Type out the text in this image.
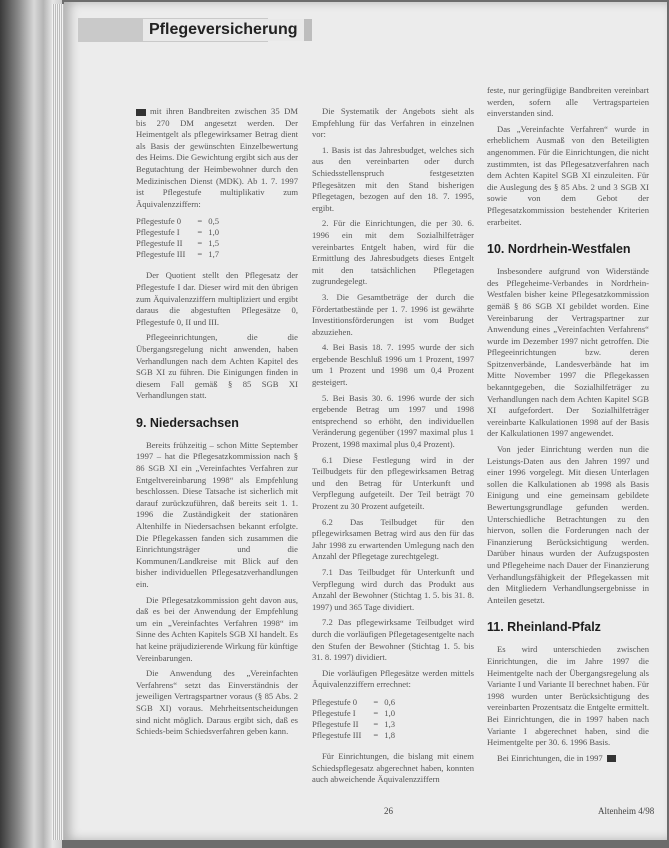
Pflegeversicherung

mit ihren Bandbreiten zwischen 35 DM bis 270 DM angesetzt werden. Der Heimentgelt als pflegewirksamer Betrag dient als Basis der gewünschten Einzelbewertung des Heims. Die Gewichtung ergibt sich aus der Begutachtung der Heimbewohner durch den Medizinischen Dienst (MDK). Ab 1. 7. 1997 ist Pflegestufe multiplikativ zum Äquivalenzziffern:

Pflegestufe 0	=	0,5
Pflegestufe I	=	1,0
Pflegestufe II	=	1,5
Pflegestufe III	=	1,7

Der Quotient stellt den Pflegesatz der Pflegestufe I dar. Dieser wird mit den übrigen zum Äquivalenzziffern multipliziert und ergibt daraus die abgestuften Pflegesätze 0, Pflegestufe 0, II und III.

Pflegeeinrichtungen, die die Übergangsregelung nicht anwenden, haben Verhandlungen nach dem Achten Kapitel des SGB XI zu führen. Die Einigungen finden in diesem Fall gemäß § 85 SGB XI Verhandlungen statt.

9. Niedersachsen

Bereits frühzeitig – schon Mitte September 1997 – hat die Pflegesatzkommission nach § 86 SGB XI ein „Vereinfachtes Verfahren zur Entgeltvereinbarung 1998“ als Empfehlung beschlossen. Diese Tatsache ist sicherlich mit darauf zurückzuführen, daß bereits seit 1. 1. 1996 die Zuständigkeit der stationären Altenhilfe in Niedersachsen bekannt erfolgte. Die Pflegekassen fanden sich zusammen die Einrichtungsträger und die Kommunen/Landkreise mit Blick auf den bisher individuellen Pflegesatzverhandlungen ein.

Die Pflegesatzkommission geht davon aus, daß es bei der Anwendung der Empfehlung um ein „Vereinfachtes Verfahren 1998“ im Sinne des Achten Kapitels SGB XI handelt. Es hat keine präjudizierende Wirkung für künftige Vereinbarungen.

Die Anwendung des „Vereinfachten Verfahrens“ setzt das Einverständnis der jeweiligen Vertragspartner voraus (§ 85 Abs. 2 SGB XI) voraus. Mehrheitsentscheidungen sind nicht möglich. Daraus ergibt sich, daß es Schieds-beim Schiedsverfahren geben kann.

Die Systematik der Angebots sieht als Empfehlung für das Verfahren in einzelnen vor:

1. Basis ist das Jahresbudget, welches sich aus den vereinbarten oder durch Schiedsstellenspruch festgesetzten Pflegesätzen mit den Stand bisherigen Pflegetagen, bezogen auf den 18. 7. 1995, ergibt.

2. Für die Einrichtungen, die per 30. 6. 1996 ein mit dem Sozialhilfeträger vereinbartes Entgelt haben, wird für die Ermittlung des Jahresbudgets dieses Entgelt mit den tatsächlichen Pflegetagen zugrundegelegt.

3. Die Gesamtbeträge der durch die Fördertatbestände per 1. 7. 1996 ist gewährte Investitionsförderungen ist vom Budget abzuziehen.

4. Bei Basis 18. 7. 1995 wurde der sich ergebende Beschluß 1996 um 1 Prozent, 1997 um 1 Prozent und 1998 um 0,4 Prozent gesteigert.

5. Bei Basis 30. 6. 1996 wurde der sich ergebende Betrag um 1997 und 1998 entsprechend so erhöht, den individuellen Veränderung gegenüber (1997 maximal plus 1 Prozent, 1998 maximal plus 0,4 Prozent).

6.1 Diese Festlegung wird in der Teilbudgets für den pflegewirksamen Betrag und den Betrag für Unterkunft und Verpflegung aufgeteilt. Der Teil beträgt 70 Prozent zu 30 Prozent aufgeteilt.

6.2 Das Teilbudget für den pflegewirksamen Betrag wird aus den für das Jahr 1998 zu erwartenden Umlegung nach den Anzahl der Pflegetage zurechtgelegt.

7.1 Das Teilbudget für Unterkunft und Verpflegung wird durch das Produkt aus Anzahl der Bewohner (Stichtag 1. 5. bis 31. 8. 1997) und 365 Tage dividiert.

7.2 Das pflegewirksame Teilbudget wird durch die vorläufigen Pflegetagesentgelte nach den Stufen der Bewohner (Stichtag 1. 5. bis 31. 8. 1997) dividiert.

Die vorläufigen Pflegesätze werden mittels Äquivalenzziffern errechnet:

Pflegestufe 0	=	0,6
Pflegestufe I	=	1,0
Pflegestufe II	=	1,3
Pflegestufe III	=	1,8

Für Einrichtungen, die bislang mit einem Schiedspflegesatz abgerechnet haben, konnten auch abweichende Äquivalenzziffern

feste, nur geringfügige Bandbreiten vereinbart werden, sofern alle Vertragsparteien einverstanden sind.

Das „Vereinfachte Verfahren“ wurde in erheblichem Ausmaß von den Beteiligten angenommen. Für die Einrichtungen, die nicht zustimmten, ist das Pflegesatzverfahren nach dem Achten Kapitel SGB XI einzuleiten. Für die Auslegung des § 85 Abs. 2 und 3 SGB XI sowie von dem Gebot der Pflegesatzkommission bestehender Kriterien erarbeitet.

10. Nordrhein-Westfalen

Insbesondere aufgrund von Widerstände des Pflegeheime-Verbandes in Nordrhein-Westfalen bisher keine Pflegesatzkommission gemäß § 86 SGB XI gebildet worden. Eine Vereinbarung der Vertragspartner zur Anwendung eines „Vereinfachten Verfahrens“ wurde im Dezember 1997 nicht getroffen. Die Pflegeeinrichtungen bzw. deren Spitzenverbände, Landesverbände hat im Mitte November 1997 die Pflegekassen bekanntgegeben, die Sozialhilfeträger zu Verhandlungen nach dem Achten Kapitel SGB XI aufgefordert. Der Sozialhilfeträger vereinbarte Kalkulationen 1998 auf der Basis der Kalkulationen 1997 angewendet.

Von jeder Einrichtung werden nun die Leistungs-Daten aus den Jahren 1997 und einer 1996 vorgelegt. Mit diesen Unterlagen sollen die Kalkulationen ab 1998 als Basis Einigung und eine gemeinsam gebildete Bewertungsgrundlage gefunden werden. Unterschiedliche Betrachtungen zu den hiervon, sollen die Forderungen nach der Finanzierung Berücksichtigung werden. Darüber hinaus wurden der Aufzugsposten und Pflegeheime nach Dauer der Finanzierung Verhandlungsfähigkeit der Pflegekassen mit den Mitgliedern Verhandlungsergebnisse in Anteilen gesetzt.

11. Rheinland-Pfalz

Es wird unterschieden zwischen Einrichtungen, die im Jahre 1997 die Heimentgelte nach der Übergangsregelung als Variante I und Variante II berechnet haben. Für 1998 wurden unter Berücksichtigung des vereinbarten Prozentsatz die Entgelte ermittelt. Bei Einrichtungen, die in 1997 haben nach Variante I abgerechnet haben, sind die Heimentgelte per 30. 6. 1996 Basis.

Bei Einrichtungen, die in 1997

26	Altenheim 4/98
